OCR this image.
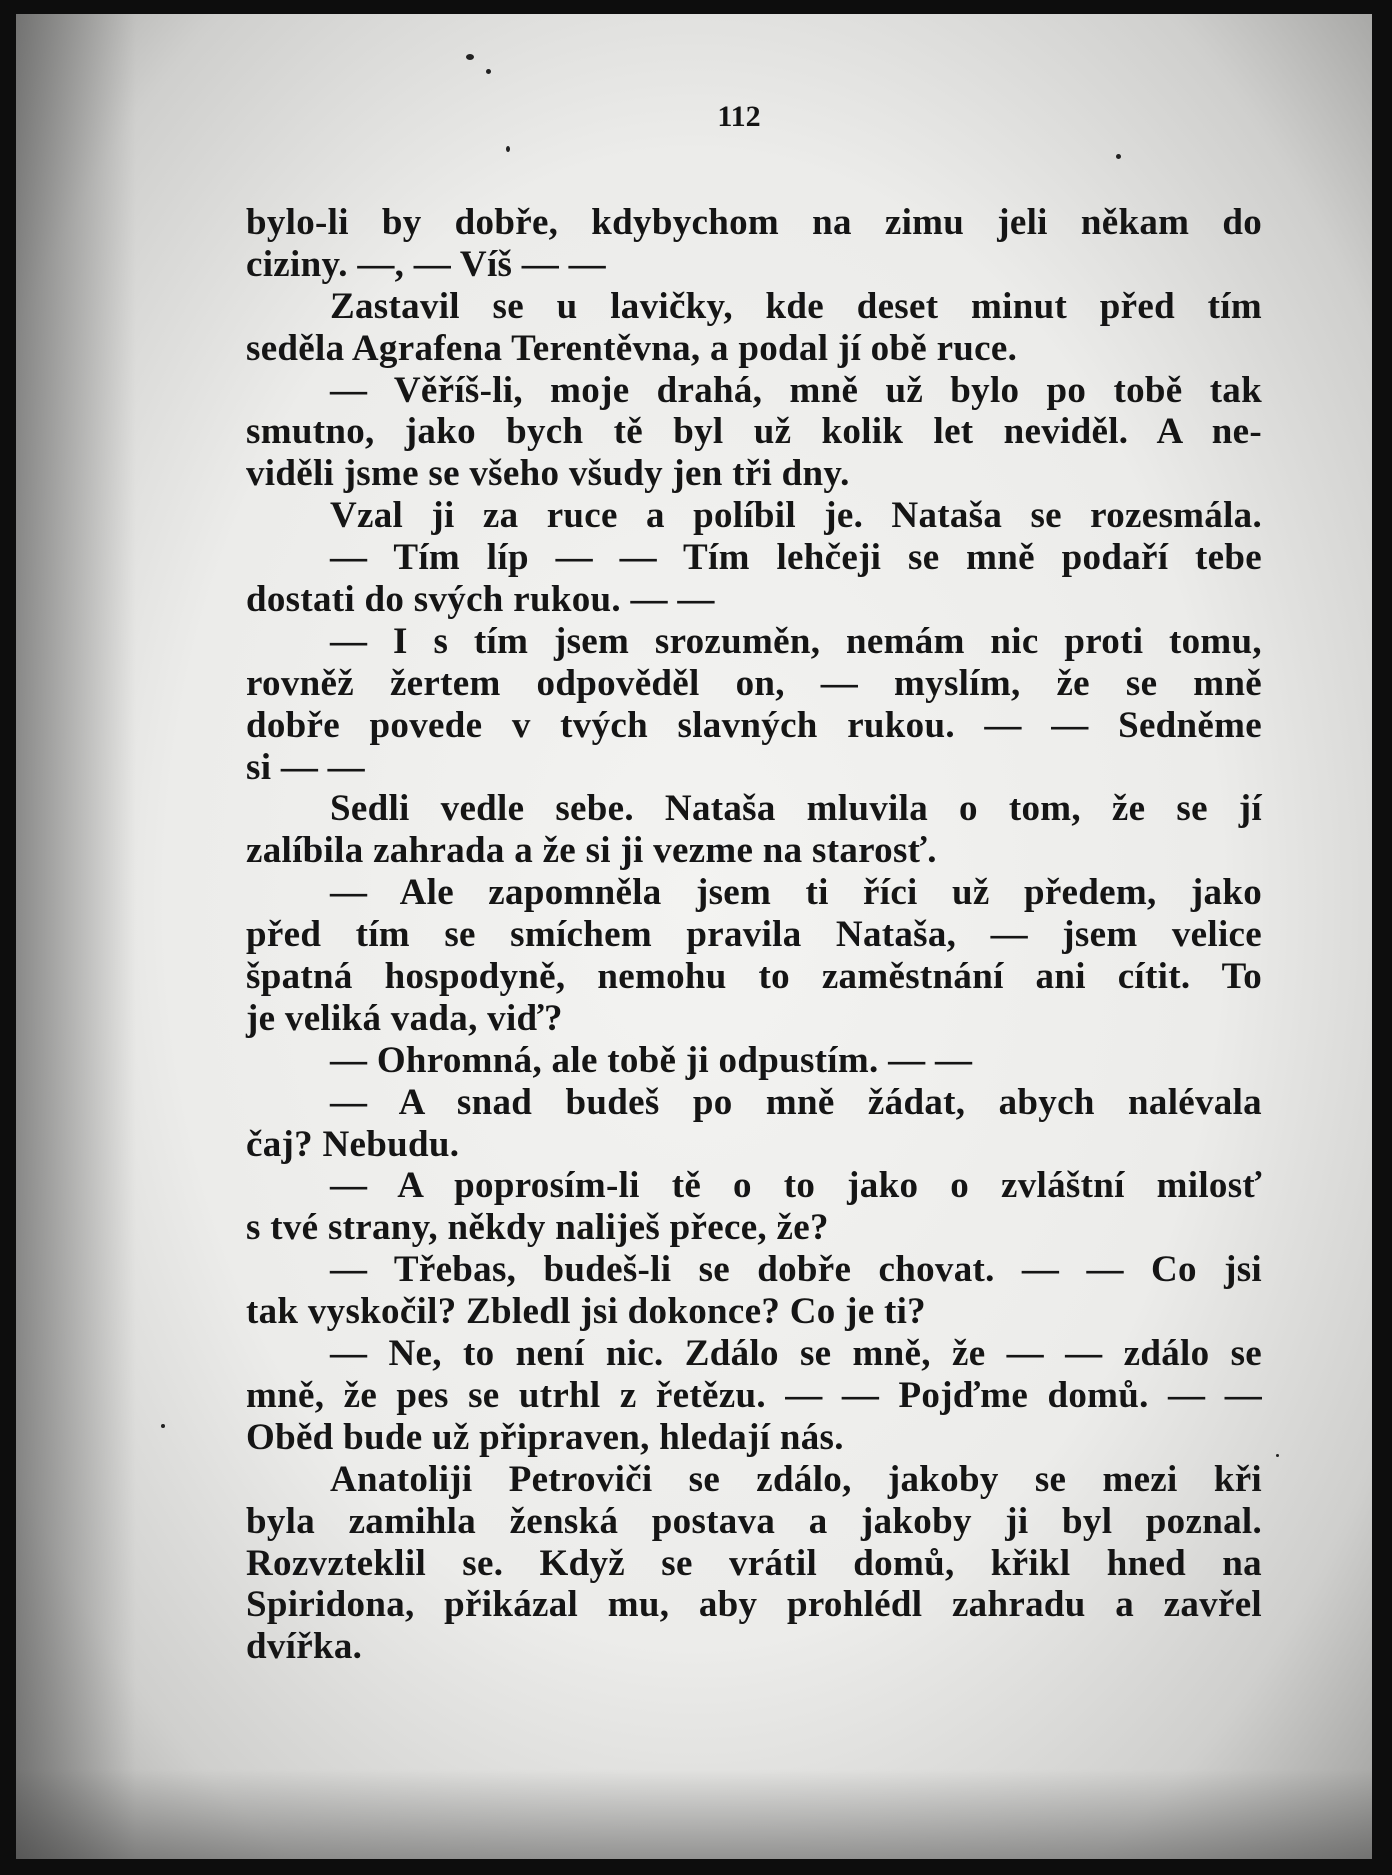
112
bylo-li by dobře, kdybychom na zimu jeli někam do
ciziny. —, — Víš — —
Zastavil se u lavičky, kde deset minut před tím
seděla Agrafena Terentěvna, a podal jí obě ruce.
— Věříš-li, moje drahá, mně už bylo po tobě tak
smutno, jako bych tě byl už kolik let neviděl. A ne-
viděli jsme se všeho všudy jen tři dny.
Vzal ji za ruce a políbil je. Nataša se rozesmála.
— Tím líp — — Tím lehčeji se mně podaří tebe
dostati do svých rukou. — —
— I s tím jsem srozuměn, nemám nic proti tomu,
rovněž žertem odpověděl on, — myslím, že se mně
dobře povede v tvých slavných rukou. — — Sedněme
si — —
Sedli vedle sebe. Nataša mluvila o tom, že se jí
zalíbila zahrada a že si ji vezme na starosť.
— Ale zapomněla jsem ti říci už předem, jako
před tím se smíchem pravila Nataša, — jsem velice
špatná hospodyně, nemohu to zaměstnání ani cítit. To
je veliká vada, viď?
— Ohromná, ale tobě ji odpustím. — —
— A snad budeš po mně žádat, abych nalévala
čaj? Nebudu.
— A poprosím-li tě o to jako o zvláštní milosť
s tvé strany, někdy naliješ přece, že?
— Třebas, budeš-li se dobře chovat. — — Co jsi
tak vyskočil? Zbledl jsi dokonce? Co je ti?
— Ne, to není nic. Zdálo se mně, že — — zdálo se
mně, že pes se utrhl z řetězu. — — Pojďme domů. — —
Oběd bude už připraven, hledají nás.
Anatoliji Petroviči se zdálo, jakoby se mezi kři
byla zamihla ženská postava a jakoby ji byl poznal.
Rozvzteklil se. Když se vrátil domů, křikl hned na
Spiridona, přikázal mu, aby prohlédl zahradu a zavřel
dvířka.
